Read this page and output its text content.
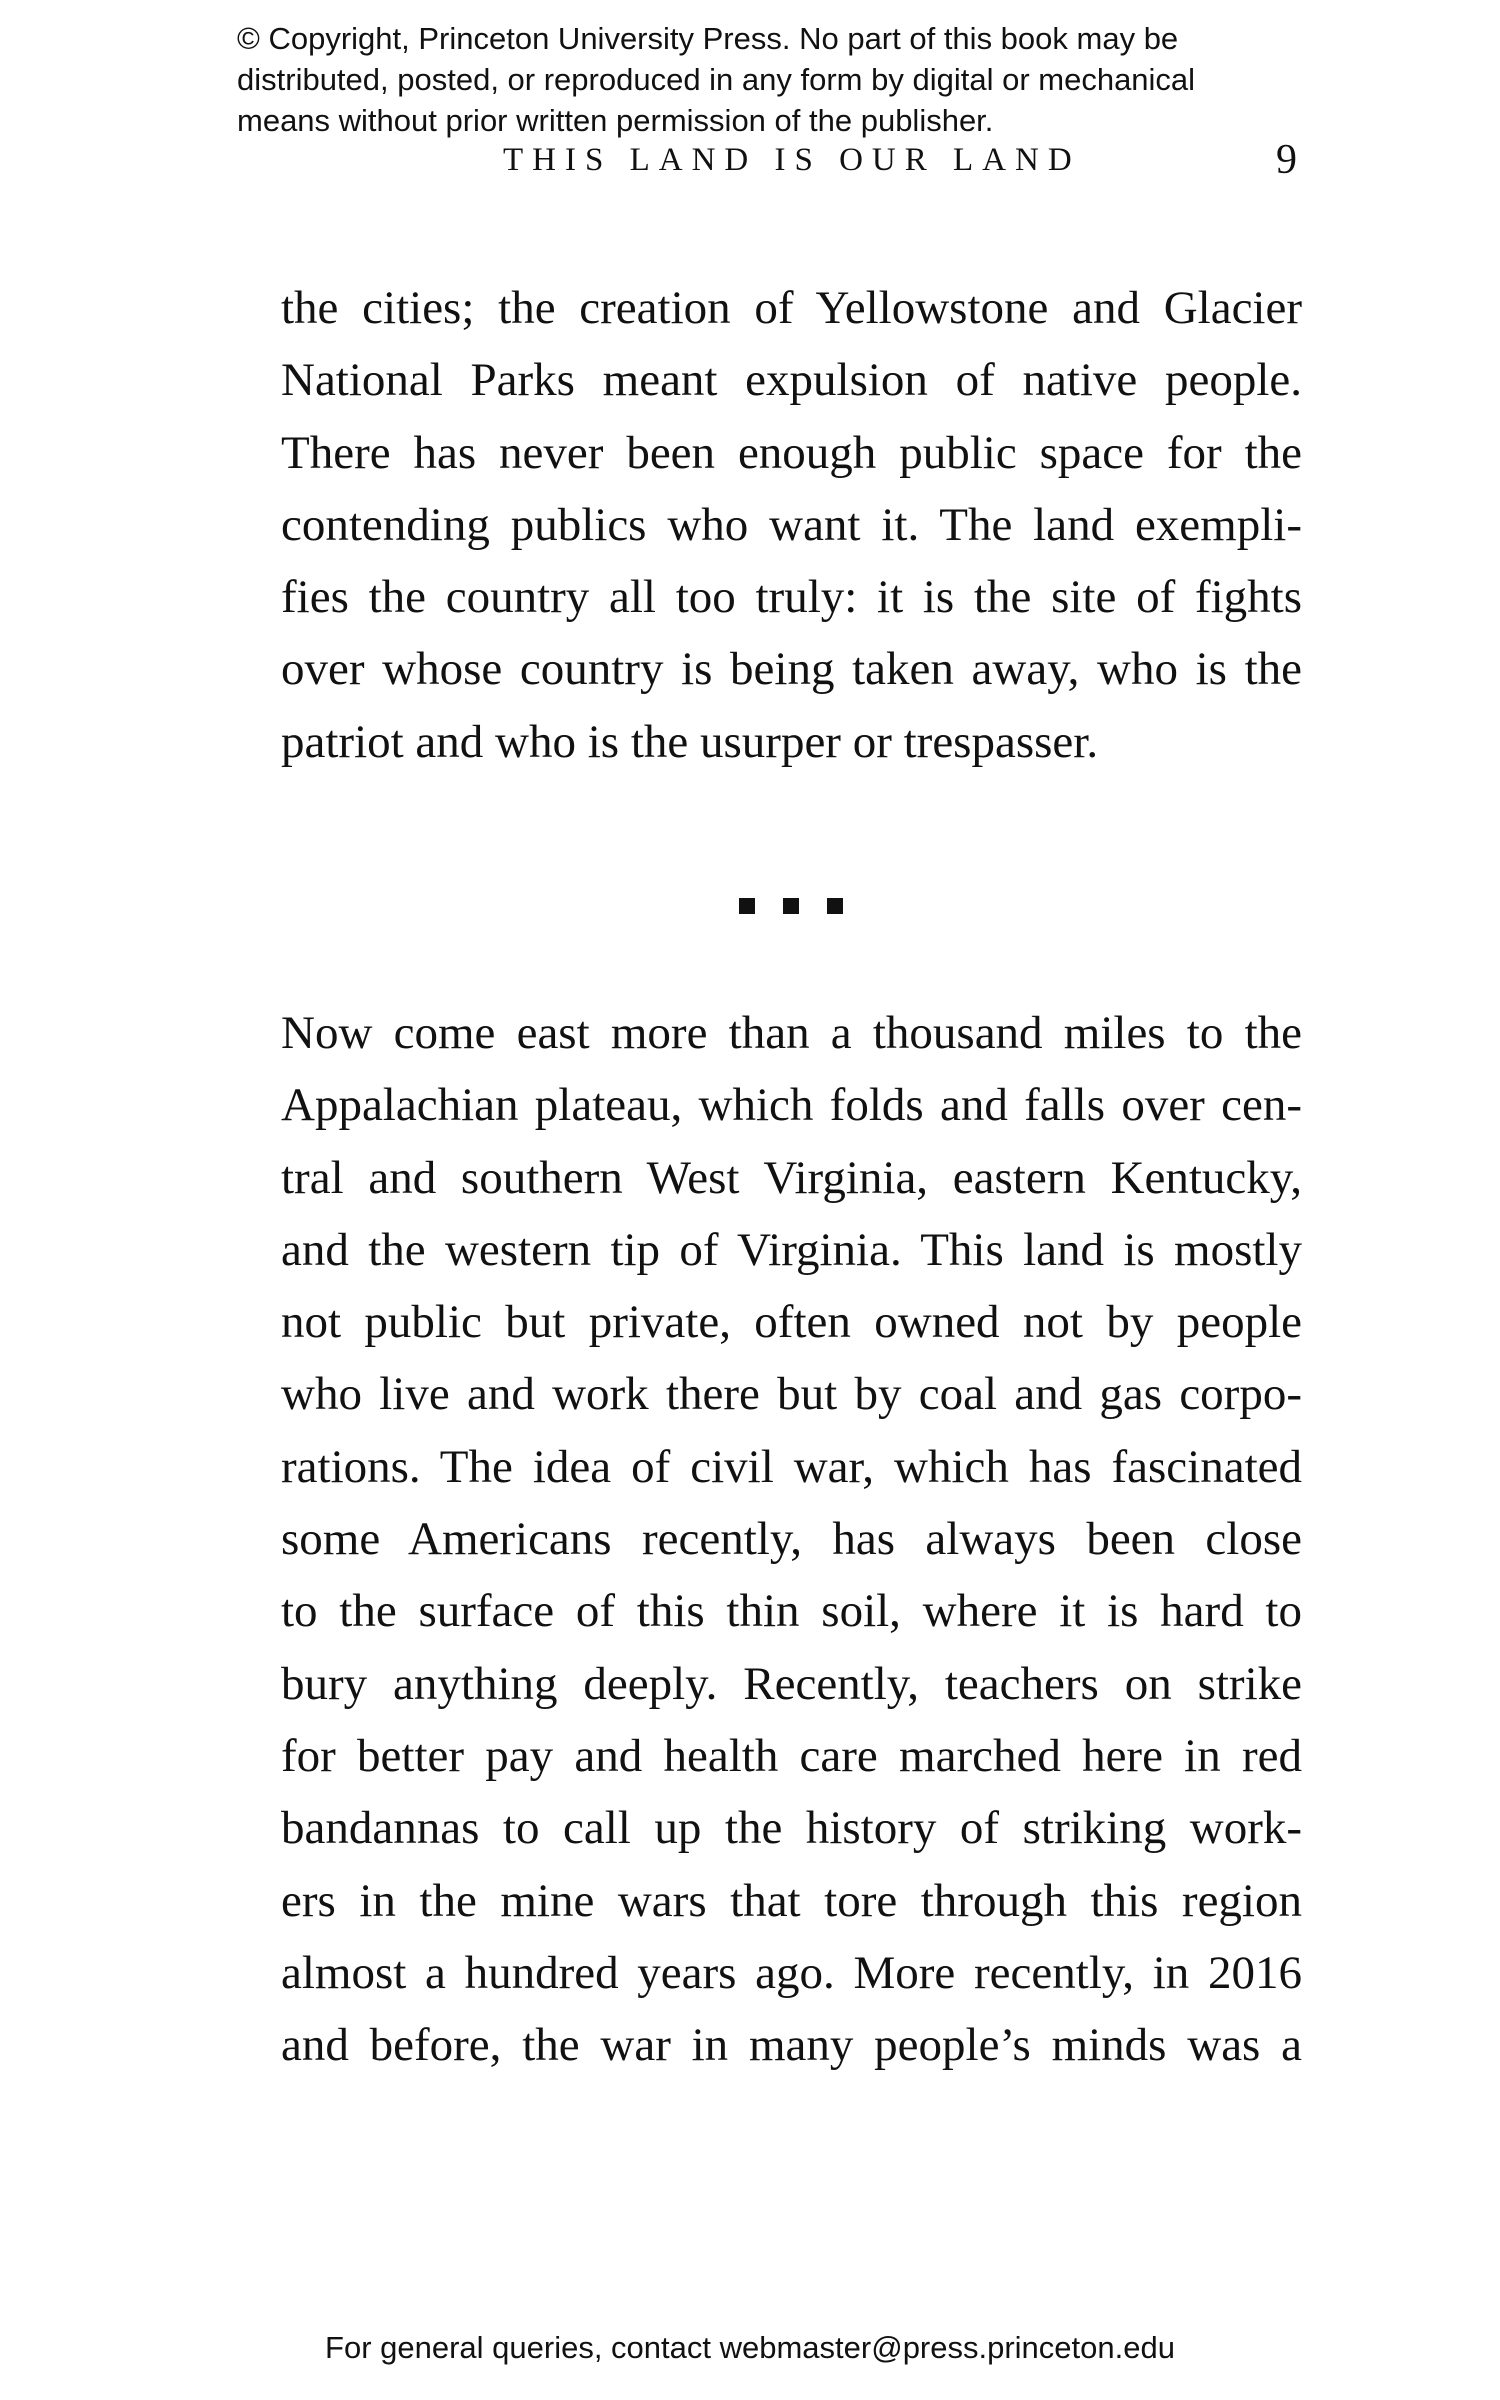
© Copyright, Princeton University Press. No part of this book may be
distributed, posted, or reproduced in any form by digital or mechanical
means without prior written permission of the publisher.
THIS LAND IS OUR LAND	9
the cities; the creation of Yellowstone and Glacier
National Parks meant expulsion of native people.
There has never been enough public space for the
contending publics who want it. The land exempli-
fies the country all too truly: it is the site of fights
over whose country is being taken away, who is the
patriot and who is the usurper or trespasser.
Now come east more than a thousand miles to the
Appalachian plateau, which folds and falls over cen-
tral and southern West Virginia, eastern Kentucky,
and the western tip of Virginia. This land is mostly
not public but private, often owned not by people
who live and work there but by coal and gas corpo-
rations. The idea of civil war, which has fascinated
some Americans recently, has always been close
to the surface of this thin soil, where it is hard to
bury anything deeply. Recently, teachers on strike
for better pay and health care marched here in red
bandannas to call up the history of striking work-
ers in the mine wars that tore through this region
almost a hundred years ago. More recently, in 2016
and before, the war in many people’s minds was a
For general queries, contact webmaster@press.princeton.edu
